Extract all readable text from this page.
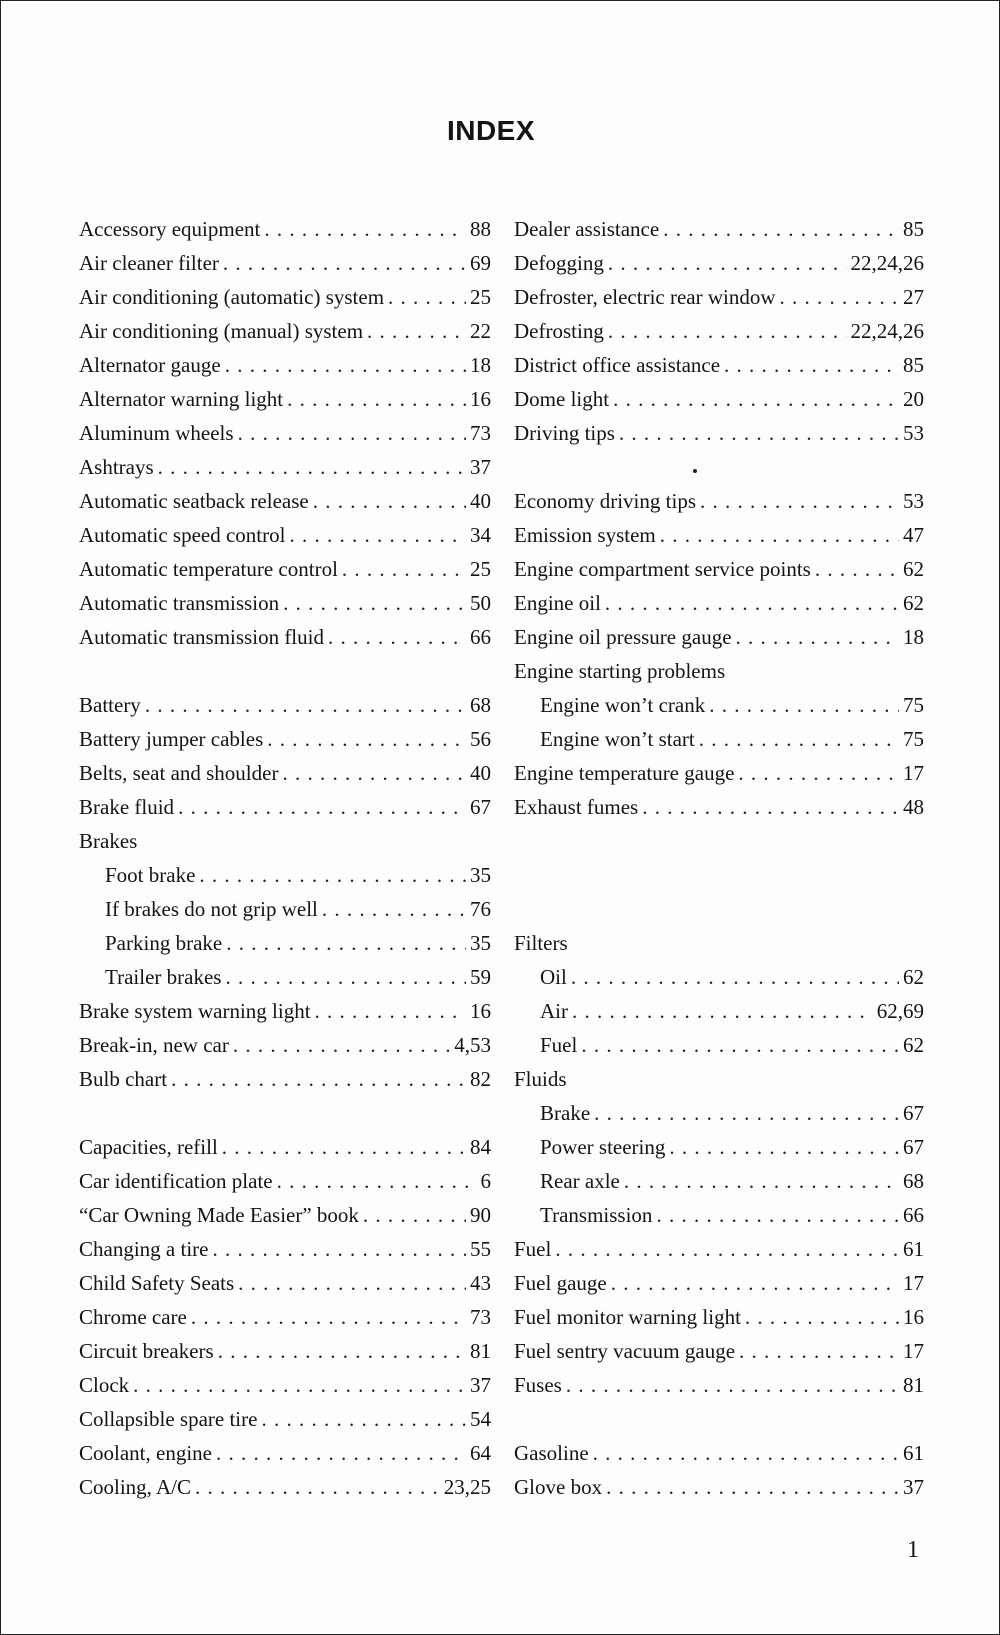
INDEX
Accessory equipment . . .	88
Air cleaner filter . . .	69
Air conditioning (automatic) system . . .	25
Air conditioning (manual) system . . .	22
Alternator gauge . . .	18
Alternator warning light . . .	16
Aluminum wheels . . .	73
Ashtrays . . .	37
Automatic seatback release . . .	40
Automatic speed control . . .	34
Automatic temperature control . . .	25
Automatic transmission . . .	50
Automatic transmission fluid . . .	66
Battery . . .	68
Battery jumper cables . . .	56
Belts, seat and shoulder . . .	40
Brake fluid . . .	67
Brakes
Foot brake . . .	35
If brakes do not grip well . . .	76
Parking brake . . .	35
Trailer brakes . . .	59
Brake system warning light . . .	16
Break-in, new car . . .	4,53
Bulb chart . . .	82
Capacities, refill . . .	84
Car identification plate . . .	6
“Car Owning Made Easier” book . . .	90
Changing a tire . . .	55
Child Safety Seats . . .	43
Chrome care . . .	73
Circuit breakers . . .	81
Clock . . .	37
Collapsible spare tire . . .	54
Coolant, engine . . .	64
Cooling, A/C . . .	23,25
Dealer assistance . . .	85
Defogging . . .	22,24,26
Defroster, electric rear window . . .	27
Defrosting . . .	22,24,26
District office assistance . . .	85
Dome light . . .	20
Driving tips . . .	53
Economy driving tips . . .	53
Emission system . . .	47
Engine compartment service points . . .	62
Engine oil . . .	62
Engine oil pressure gauge . . .	18
Engine starting problems
Engine won’t crank . . .	75
Engine won’t start . . .	75
Engine temperature gauge . . .	17
Exhaust fumes . . .	48
Filters
Oil . . .	62
Air . . .	62,69
Fuel . . .	62
Fluids
Brake . . .	67
Power steering . . .	67
Rear axle . . .	68
Transmission . . .	66
Fuel . . .	61
Fuel gauge . . .	17
Fuel monitor warning light . . .	16
Fuel sentry vacuum gauge . . .	17
Fuses . . .	81
Gasoline . . .	61
Glove box . . .	37
1
